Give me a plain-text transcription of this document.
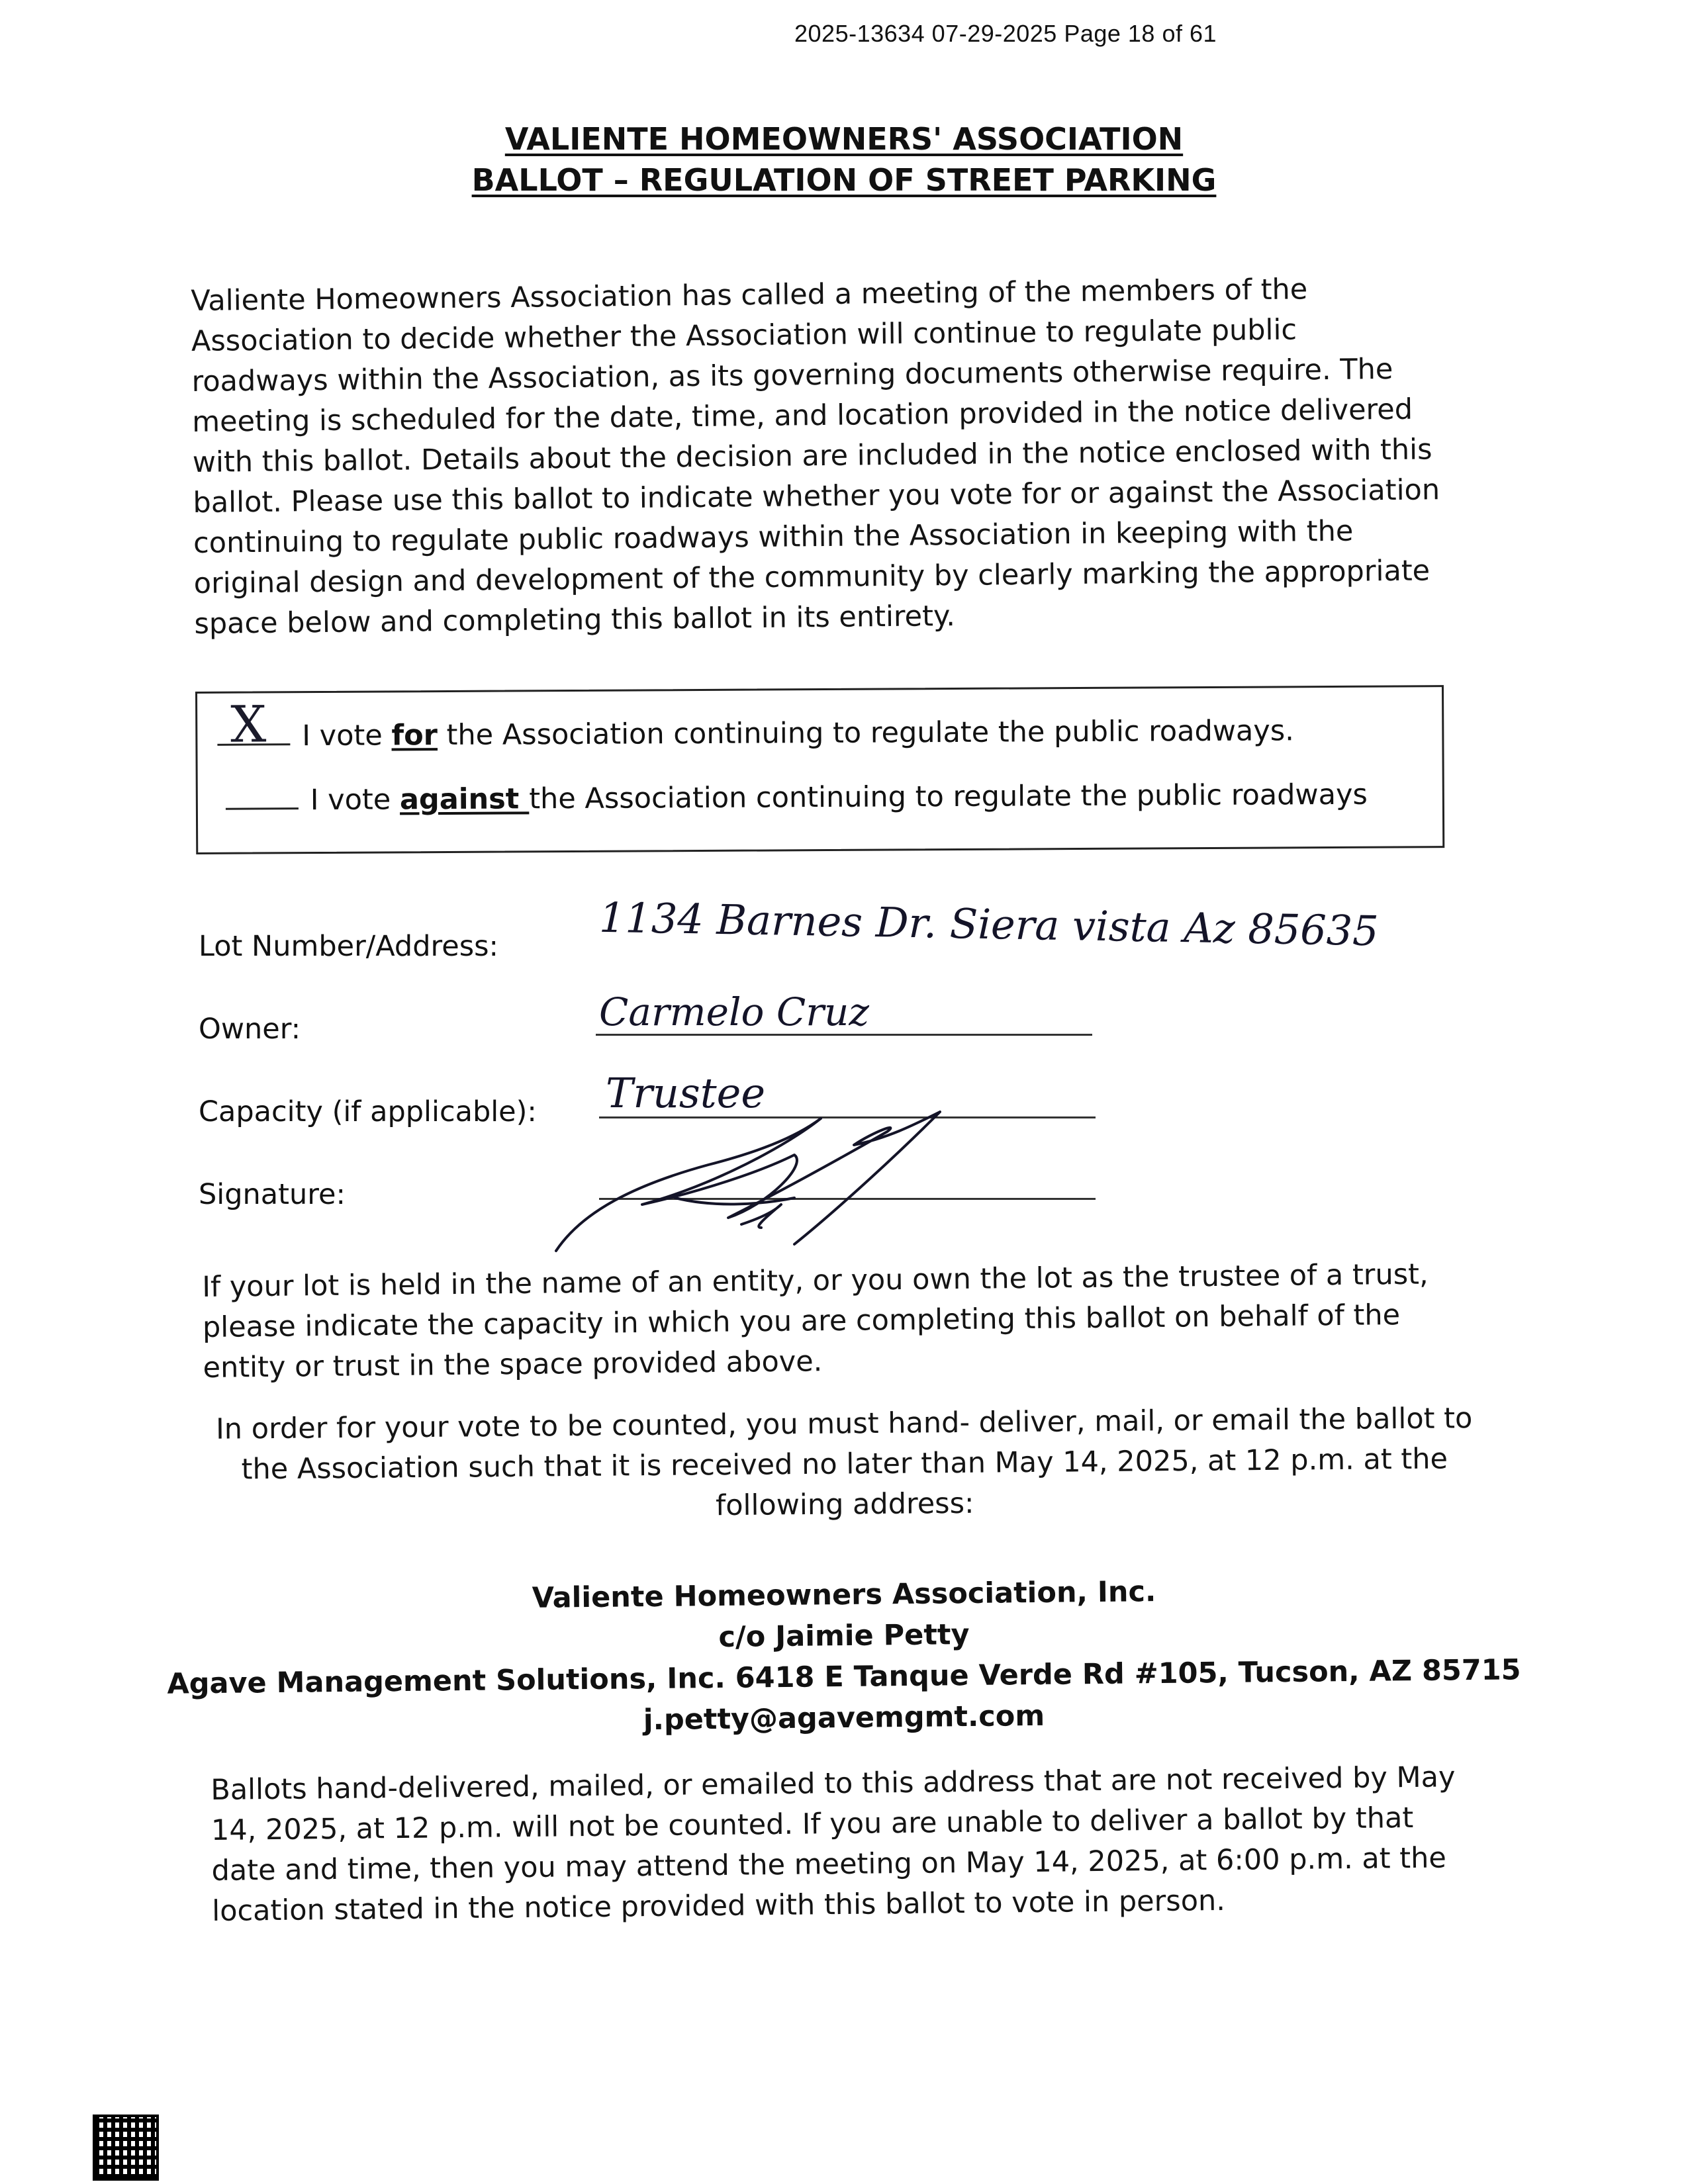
2025-13634 07-29-2025 Page 18 of 61
VALIENTE HOMEOWNERS' ASSOCIATION
BALLOT – REGULATION OF STREET PARKING
Valiente Homeowners Association has called a meeting of the members of the
Association to decide whether the Association will continue to regulate public
roadways within the Association, as its governing documents otherwise require. The
meeting is scheduled for the date, time, and location provided in the notice delivered
with this ballot. Details about the decision are included in the notice enclosed with this
ballot. Please use this ballot to indicate whether you vote for or against the Association
continuing to regulate public roadways within the Association in keeping with the
original design and development of the community by clearly marking the appropriate
space below and completing this ballot in its entirety.
X I vote for the Association continuing to regulate the public roadways.
I vote against the Association continuing to regulate the public roadways
Lot Number/Address: 1134 Barnes Dr. Siera vista Az 85635
Owner:	Carmelo Cruz
Capacity (if applicable): Trustee
Signature:
If your lot is held in the name of an entity, or you own the lot as the trustee of a trust,
please indicate the capacity in which you are completing this ballot on behalf of the
entity or trust in the space provided above.
In order for your vote to be counted, you must hand- deliver, mail, or email the ballot to
the Association such that it is received no later than May 14, 2025, at 12 p.m. at the
following address:
Valiente Homeowners Association, Inc.
c/o Jaimie Petty
Agave Management Solutions, Inc. 6418 E Tanque Verde Rd #105, Tucson, AZ 85715
j.petty@agavemgmt.com
Ballots hand-delivered, mailed, or emailed to this address that are not received by May
14, 2025, at 12 p.m. will not be counted. If you are unable to deliver a ballot by that
date and time, then you may attend the meeting on May 14, 2025, at 6:00 p.m. at the
location stated in the notice provided with this ballot to vote in person.
